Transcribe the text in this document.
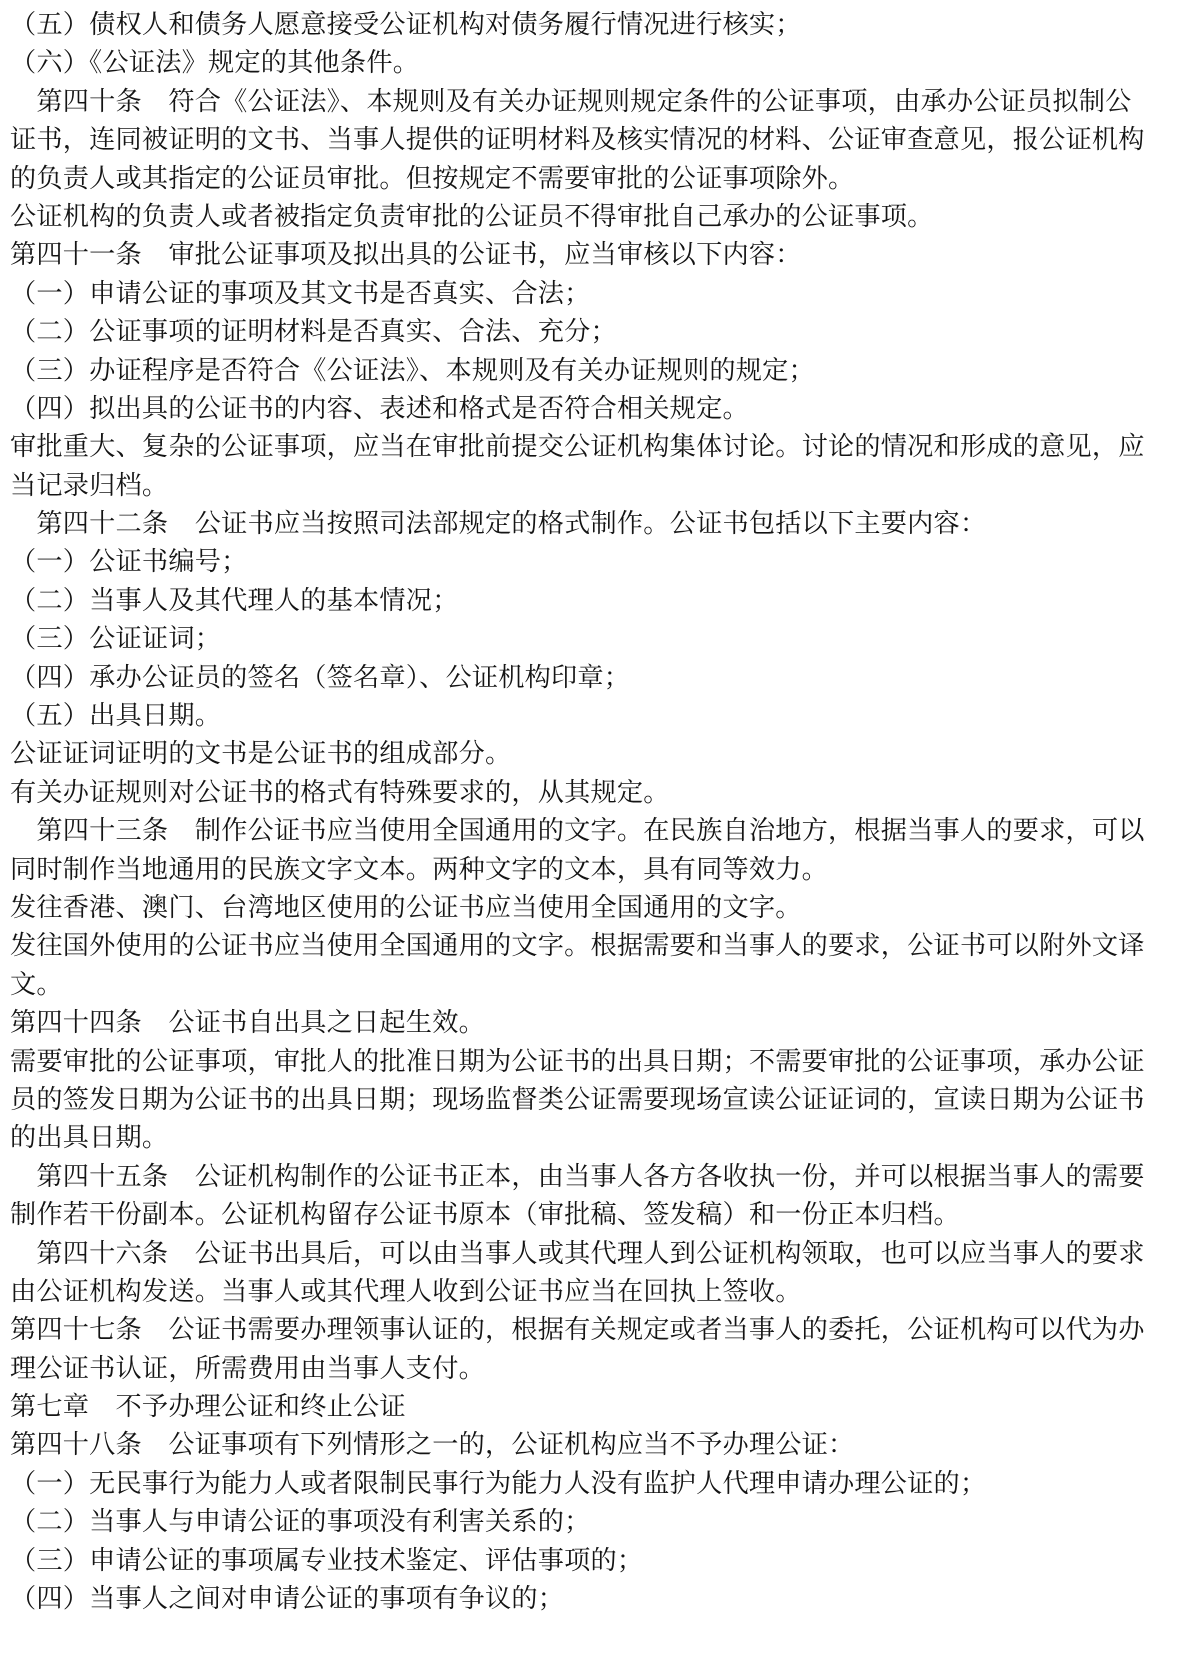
（五）债权人和债务人愿意接受公证机构对债务履行情况进行核实；
（六）《公证法》规定的其他条件。
　第四十条　符合《公证法》、本规则及有关办证规则规定条件的公证事项，由承办公证员拟制公
证书，连同被证明的文书、当事人提供的证明材料及核实情况的材料、公证审查意见，报公证机构
的负责人或其指定的公证员审批。但按规定不需要审批的公证事项除外。
公证机构的负责人或者被指定负责审批的公证员不得审批自己承办的公证事项。
第四十一条　审批公证事项及拟出具的公证书，应当审核以下内容：
（一）申请公证的事项及其文书是否真实、合法；
（二）公证事项的证明材料是否真实、合法、充分；
（三）办证程序是否符合《公证法》、本规则及有关办证规则的规定；
（四）拟出具的公证书的内容、表述和格式是否符合相关规定。
审批重大、复杂的公证事项，应当在审批前提交公证机构集体讨论。讨论的情况和形成的意见，应
当记录归档。
　第四十二条　公证书应当按照司法部规定的格式制作。公证书包括以下主要内容：
（一）公证书编号；
（二）当事人及其代理人的基本情况；
（三）公证证词；
（四）承办公证员的签名（签名章）、公证机构印章；
（五）出具日期。
公证证词证明的文书是公证书的组成部分。
有关办证规则对公证书的格式有特殊要求的，从其规定。
　第四十三条　制作公证书应当使用全国通用的文字。在民族自治地方，根据当事人的要求，可以
同时制作当地通用的民族文字文本。两种文字的文本，具有同等效力。
发往香港、澳门、台湾地区使用的公证书应当使用全国通用的文字。
发往国外使用的公证书应当使用全国通用的文字。根据需要和当事人的要求，公证书可以附外文译
文。
第四十四条　公证书自出具之日起生效。
需要审批的公证事项，审批人的批准日期为公证书的出具日期；不需要审批的公证事项，承办公证
员的签发日期为公证书的出具日期；现场监督类公证需要现场宣读公证证词的，宣读日期为公证书
的出具日期。
　第四十五条　公证机构制作的公证书正本，由当事人各方各收执一份，并可以根据当事人的需要
制作若干份副本。公证机构留存公证书原本（审批稿、签发稿）和一份正本归档。
　第四十六条　公证书出具后，可以由当事人或其代理人到公证机构领取，也可以应当事人的要求
由公证机构发送。当事人或其代理人收到公证书应当在回执上签收。
第四十七条　公证书需要办理领事认证的，根据有关规定或者当事人的委托，公证机构可以代为办
理公证书认证，所需费用由当事人支付。
第七章　不予办理公证和终止公证
第四十八条　公证事项有下列情形之一的，公证机构应当不予办理公证：
（一）无民事行为能力人或者限制民事行为能力人没有监护人代理申请办理公证的；
（二）当事人与申请公证的事项没有利害关系的；
（三）申请公证的事项属专业技术鉴定、评估事项的；
（四）当事人之间对申请公证的事项有争议的；
